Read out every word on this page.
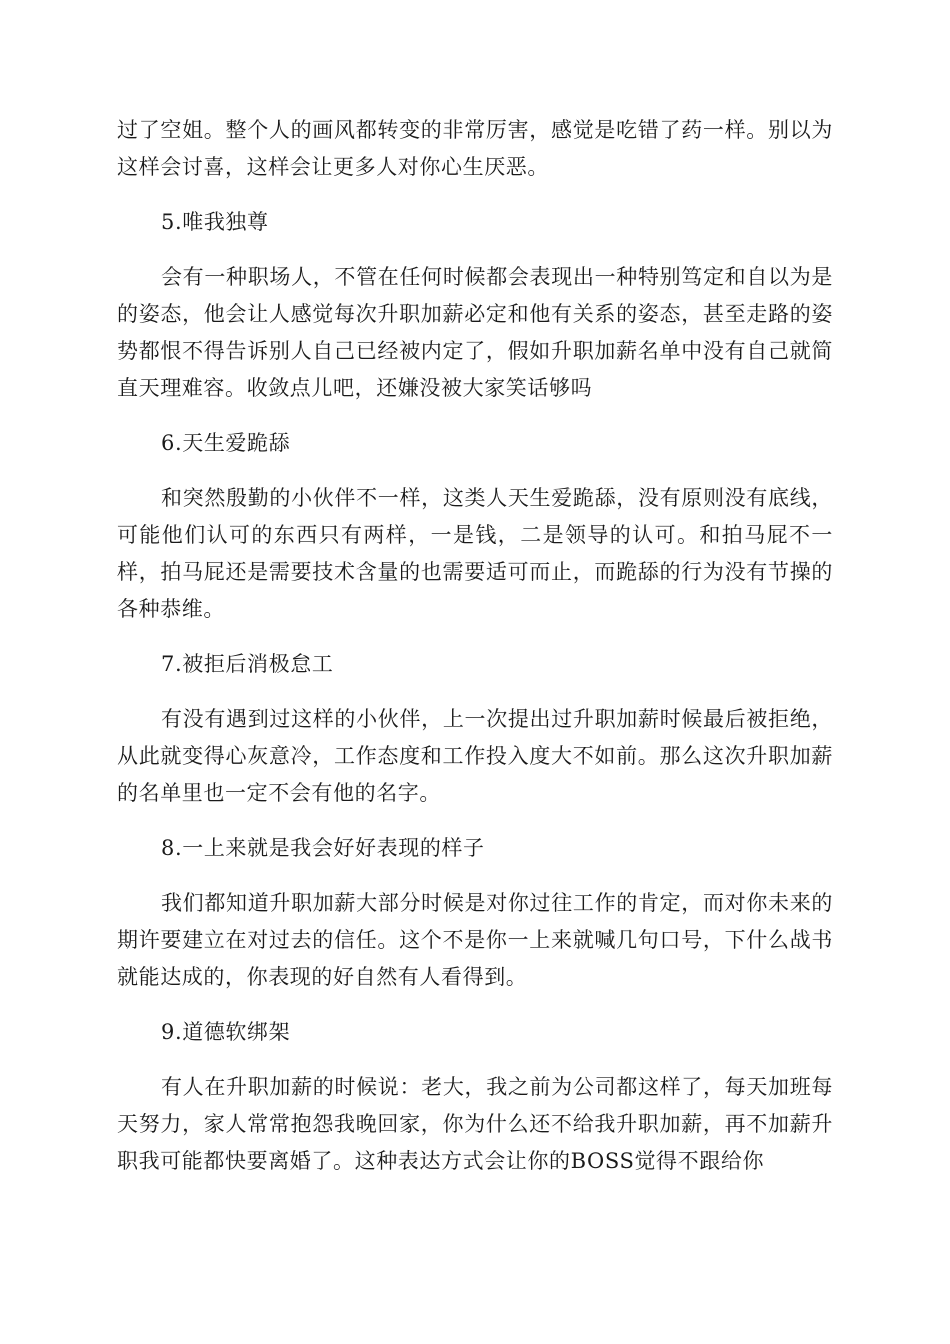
过了空姐。整个人的画风都转变的非常厉害，感觉是吃错了药一样。别以为这样会讨喜，这样会让更多人对你心生厌恶。

5.唯我独尊

会有一种职场人，不管在任何时候都会表现出一种特别笃定和自以为是的姿态，他会让人感觉每次升职加薪必定和他有关系的姿态，甚至走路的姿势都恨不得告诉别人自己已经被内定了，假如升职加薪名单中没有自己就简直天理难容。收敛点儿吧，还嫌没被大家笑话够吗

6.天生爱跪舔

和突然殷勤的小伙伴不一样，这类人天生爱跪舔，没有原则没有底线，可能他们认可的东西只有两样，一是钱，二是领导的认可。和拍马屁不一样，拍马屁还是需要技术含量的也需要适可而止，而跪舔的行为没有节操的各种恭维。

7.被拒后消极怠工

有没有遇到过这样的小伙伴，上一次提出过升职加薪时候最后被拒绝，从此就变得心灰意冷，工作态度和工作投入度大不如前。那么这次升职加薪的名单里也一定不会有他的名字。

8.一上来就是我会好好表现的样子

我们都知道升职加薪大部分时候是对你过往工作的肯定，而对你未来的期许要建立在对过去的信任。这个不是你一上来就喊几句口号，下什么战书就能达成的，你表现的好自然有人看得到。

9.道德软绑架

有人在升职加薪的时候说：老大，我之前为公司都这样了，每天加班每天努力，家人常常抱怨我晚回家，你为什么还不给我升职加薪，再不加薪升职我可能都快要离婚了。这种表达方式会让你的BOSS觉得不跟给你
